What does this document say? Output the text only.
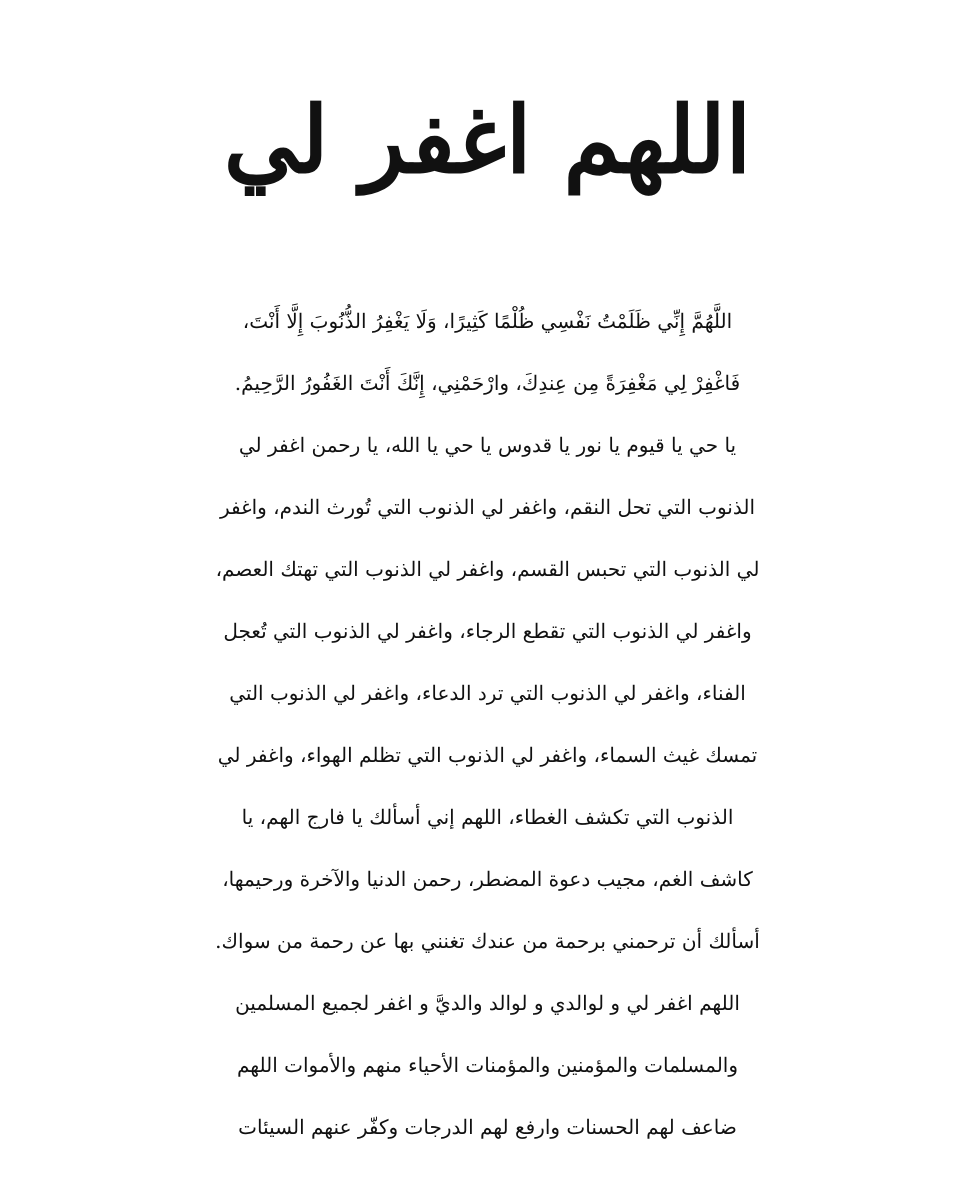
اللهم اغفر لي
اللَّهُمَّ إِنِّي ظَلَمْتُ نَفْسِي ظُلْمًا كَثِيرًا، وَلَا يَغْفِرُ الذُّنُوبَ إِلَّا أَنْتَ،
فَاغْفِرْ لِي مَغْفِرَةً مِن عِندِكَ، وارْحَمْنِي، إِنَّكَ أَنْتَ الغَفُورُ الرَّحِيمُ.
يا حي يا قيوم يا نور يا قدوس يا حي يا الله، يا رحمن اغفر لي
الذنوب التي تحل النقم، واغفر لي الذنوب التي تُورث الندم، واغفر
لي الذنوب التي تحبس القسم، واغفر لي الذنوب التي تهتك العصم،
واغفر لي الذنوب التي تقطع الرجاء، واغفر لي الذنوب التي تُعجل
الفناء، واغفر لي الذنوب التي ترد الدعاء، واغفر لي الذنوب التي
تمسك غيث السماء، واغفر لي الذنوب التي تظلم الهواء، واغفر لي
الذنوب التي تكشف الغطاء، اللهم إني أسألك يا فارج الهم، يا
كاشف الغم، مجيب دعوة المضطر، رحمن الدنيا والآخرة ورحيمها،
أسألك أن ترحمني برحمة من عندك تغنني بها عن رحمة من سواك.
اللهم اغفر لي و لوالدي و لوالد والديَّ و اغفر لجميع المسلمين
والمسلمات والمؤمنين والمؤمنات الأحياء منهم والأموات اللهم
ضاعف لهم الحسنات وارفع لهم الدرجات وكفّر عنهم السيئات
